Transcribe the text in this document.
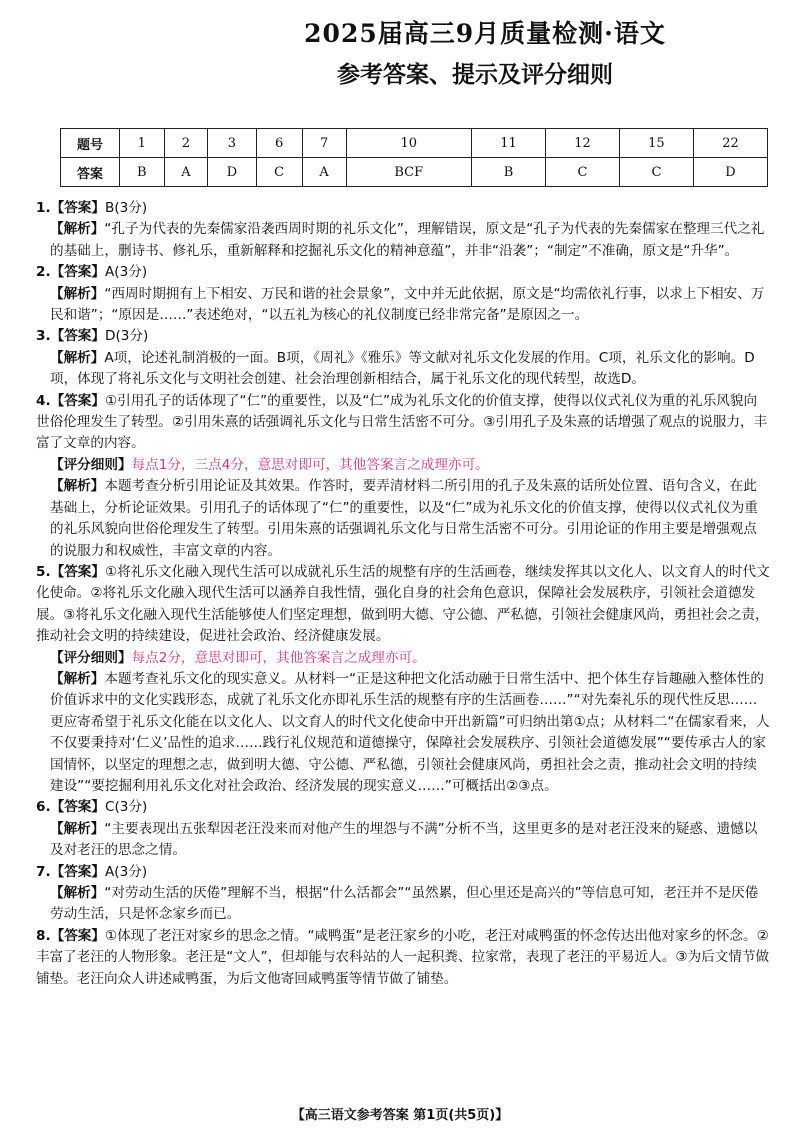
2025届高三9月质量检测·语文
参考答案、提示及评分细则
题号	1	2	3	6	7	10	11	12	15	22
答案	B	A	D	C	A	BCF	B	C	C	D

1.【答案】B(3分)

【解析】“孔子为代表的先秦儒家沿袭西周时期的礼乐文化”，理解错误，原文是“孔子为代表的先秦儒家在整理三代之礼的基础上，删诗书、修礼乐，重新解释和挖掘礼乐文化的精神意蕴”，并非“沿袭”；“制定”不准确，原文是“升华”。

2.【答案】A(3分)

【解析】“西周时期拥有上下相安、万民和谐的社会景象”，文中并无此依据，原文是“均需依礼行事，以求上下相安、万民和谐”；“原因是……”表述绝对，“以五礼为核心的礼仪制度已经非常完备”是原因之一。

3.【答案】D(3分)

【解析】A项，论述礼制消极的一面。B项，《周礼》《雅乐》等文献对礼乐文化发展的作用。C项，礼乐文化的影响。D项，体现了将礼乐文化与文明社会创建、社会治理创新相结合，属于礼乐文化的现代转型，故选D。

4.【答案】①引用孔子的话体现了“仁”的重要性，以及“仁”成为礼乐文化的价值支撑，使得以仪式礼仪为重的礼乐风貌向世俗伦理发生了转型。②引用朱熹的话强调礼乐文化与日常生活密不可分。③引用孔子及朱熹的话增强了观点的说服力，丰富了文章的内容。

【评分细则】每点1分，三点4分，意思对即可，其他答案言之成理亦可。

【解析】本题考查分析引用论证及其效果。作答时，要弄清材料二所引用的孔子及朱熹的话所处位置、语句含义，在此基础上，分析论证效果。引用孔子的话体现了“仁”的重要性，以及“仁”成为礼乐文化的价值支撑，使得以仪式礼仪为重的礼乐风貌向世俗伦理发生了转型。引用朱熹的话强调礼乐文化与日常生活密不可分。引用论证的作用主要是增强观点的说服力和权威性，丰富文章的内容。

5.【答案】①将礼乐文化融入现代生活可以成就礼乐生活的规整有序的生活画卷，继续发挥其以文化人、以文育人的时代文化使命。②将礼乐文化融入现代生活可以涵养自我性情，强化自身的社会角色意识，保障社会发展秩序，引领社会道德发展。③将礼乐文化融入现代生活能够使人们坚定理想，做到明大德、守公德、严私德，引领社会健康风尚，勇担社会之责，推动社会文明的持续建设，促进社会政治、经济健康发展。

【评分细则】每点2分，意思对即可，其他答案言之成理亦可。

【解析】本题考查礼乐文化的现实意义。从材料一“正是这种把文化活动融于日常生活中、把个体生存旨趣融入整体性的价值诉求中的文化实践形态，成就了礼乐文化亦即礼乐生活的规整有序的生活画卷……”“对先秦礼乐的现代性反思……更应寄希望于礼乐文化能在以文化人、以文育人的时代文化使命中开出新篇”可归纳出第①点；从材料二“在儒家看来，人不仅要秉持对‘仁义’品性的追求……践行礼仪规范和道德操守，保障社会发展秩序、引领社会道德发展”“要传承古人的家国情怀，以坚定的理想之志，做到明大德、守公德、严私德，引领社会健康风尚，勇担社会之责，推动社会文明的持续建设”“要挖掘利用礼乐文化对社会政治、经济发展的现实意义……”可概括出②③点。

6.【答案】C(3分)

【解析】“主要表现出五张犁因老汪没来而对他产生的埋怨与不满”分析不当，这里更多的是对老汪没来的疑惑、遗憾以及对老汪的思念之情。

7.【答案】A(3分)

【解析】“对劳动生活的厌倦”理解不当，根据“什么活都会”“虽然累，但心里还是高兴的”等信息可知，老汪并不是厌倦劳动生活，只是怀念家乡而已。

8.【答案】①体现了老汪对家乡的思念之情。“咸鸭蛋”是老汪家乡的小吃，老汪对咸鸭蛋的怀念传达出他对家乡的怀念。②丰富了老汪的人物形象。老汪是“文人”，但却能与农科站的人一起积粪、拉家常，表现了老汪的平易近人。③为后文情节做铺垫。老汪向众人讲述咸鸭蛋，为后文他寄回咸鸭蛋等情节做了铺垫。

【高三语文参考答案 第1页(共5页)】
